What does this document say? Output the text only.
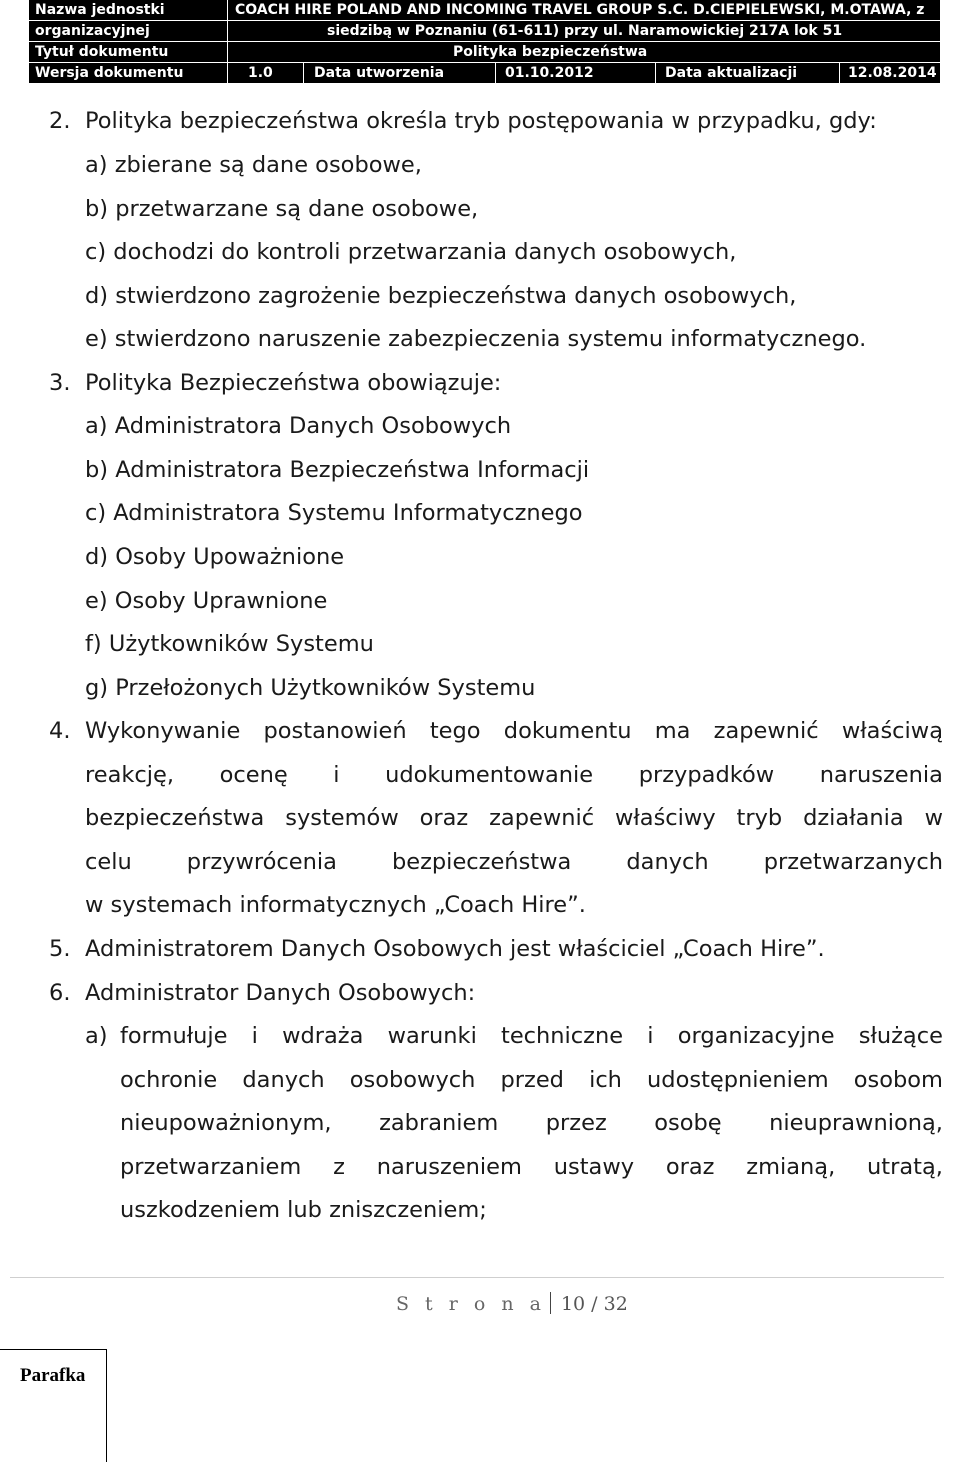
Nazwa jednostki	COACH HIRE POLAND AND INCOMING TRAVEL GROUP S.C. D.CIEPIELEWSKI, M.OTAWA, z
organizacyjnej	siedzibą w Poznaniu (61-611) przy ul. Naramowickiej 217A lok 51
Tytuł dokumentu	Polityka bezpieczeństwa
Wersja dokumentu	1.0	Data utworzenia	01.10.2012	Data aktualizacji	12.08.2014
2. Polityka bezpieczeństwa określa tryb postępowania w przypadku, gdy:
a) zbierane są dane osobowe,
b) przetwarzane są dane osobowe,
c) dochodzi do kontroli przetwarzania danych osobowych,
d) stwierdzono zagrożenie bezpieczeństwa danych osobowych,
e) stwierdzono naruszenie zabezpieczenia systemu informatycznego.
3. Polityka Bezpieczeństwa obowiązuje:
a) Administratora Danych Osobowych
b) Administratora Bezpieczeństwa Informacji
c) Administratora Systemu Informatycznego
d) Osoby Upoważnione
e) Osoby Uprawnione
f) Użytkowników Systemu
g) Przełożonych Użytkowników Systemu
4. Wykonywanie postanowień tego dokumentu ma zapewnić właściwą
reakcję, ocenę i udokumentowanie przypadków naruszenia
bezpieczeństwa systemów oraz zapewnić właściwy tryb działania w
celu przywrócenia bezpieczeństwa danych przetwarzanych
w systemach informatycznych „Coach Hire”.
5. Administratorem Danych Osobowych jest właściciel „Coach Hire”.
6. Administrator Danych Osobowych:
a) formułuje i wdraża warunki techniczne i organizacyjne służące
ochronie danych osobowych przed ich udostępnieniem osobom
nieupoważnionym, zabraniem przez osobę nieuprawnioną,
przetwarzaniem z naruszeniem ustawy oraz zmianą, utratą,
uszkodzeniem lub zniszczeniem;
S t r o n a 10 / 32
Parafka
